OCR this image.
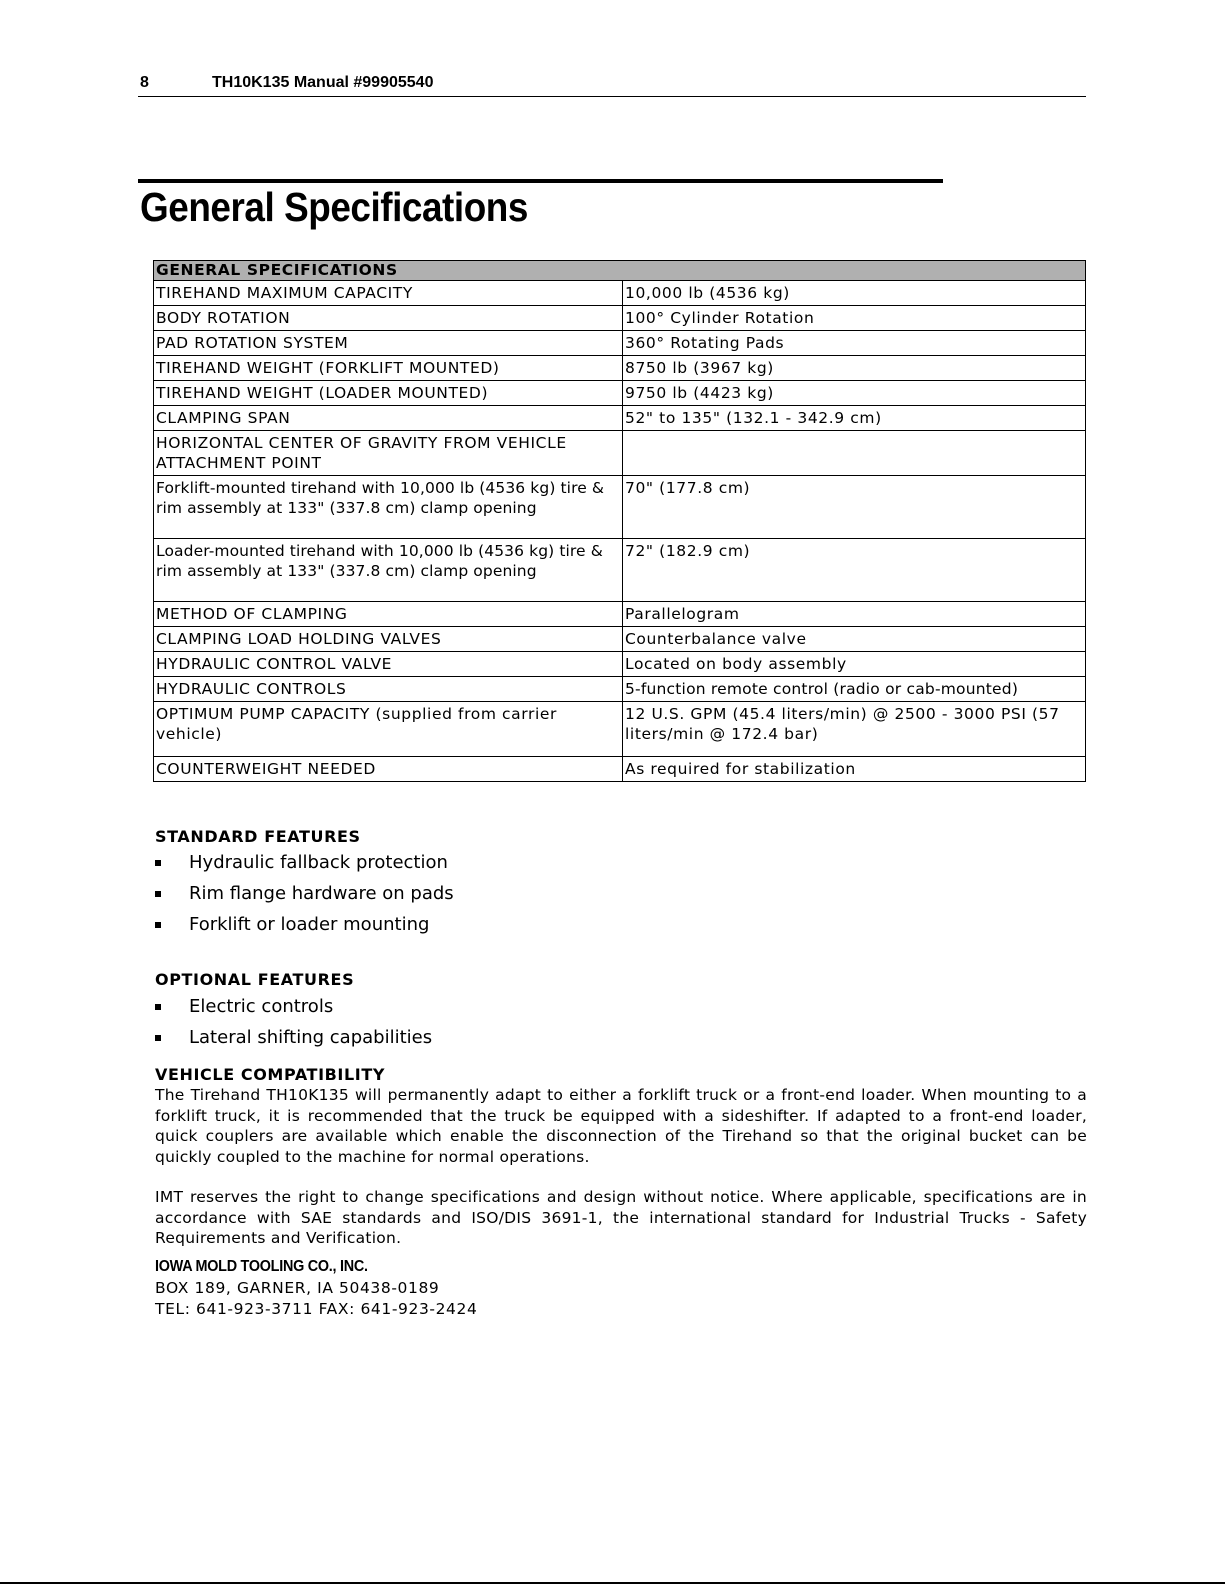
8	TH10K135 Manual #99905540
General Specifications
GENERAL SPECIFICATIONS	
TIREHAND MAXIMUM CAPACITY	10,000 lb (4536 kg)
BODY ROTATION	100° Cylinder Rotation
PAD ROTATION SYSTEM	360° Rotating Pads
TIREHAND WEIGHT (FORKLIFT MOUNTED)	8750 lb (3967 kg)
TIREHAND WEIGHT (LOADER MOUNTED)	9750 lb (4423 kg)
CLAMPING SPAN	52" to 135" (132.1 - 342.9 cm)
HORIZONTAL CENTER OF GRAVITY FROM VEHICLE ATTACHMENT POINT	
Forklift-mounted tirehand with 10,000 lb (4536 kg) tire & rim assembly at 133" (337.8 cm) clamp opening	70" (177.8 cm)
Loader-mounted tirehand with 10,000 lb (4536 kg) tire & rim assembly at 133" (337.8 cm) clamp opening	72" (182.9 cm)
METHOD OF CLAMPING	Parallelogram
CLAMPING LOAD HOLDING VALVES	Counterbalance valve
HYDRAULIC CONTROL VALVE	Located on body assembly
HYDRAULIC CONTROLS	5-function remote control (radio or cab-mounted)
OPTIMUM PUMP CAPACITY (supplied from carrier vehicle)	12 U.S. GPM (45.4 liters/min) @ 2500 - 3000 PSI (57 liters/min @ 172.4 bar)
COUNTERWEIGHT NEEDED	As required for stabilization
STANDARD FEATURES
Hydraulic fallback protection
Rim flange hardware on pads
Forklift or loader mounting
OPTIONAL FEATURES
Electric controls
Lateral shifting capabilities
VEHICLE COMPATIBILITY

The Tirehand TH10K135 will permanently adapt to either a forklift truck or a front-end loader. When mounting to a forklift truck, it is recommended that the truck be equipped with a sideshifter. If adapted to a front-end loader, quick couplers are available which enable the disconnection of the Tirehand so that the original bucket can be quickly coupled to the machine for normal operations.

IMT reserves the right to change specifications and design without notice. Where applicable, specifications are in accordance with SAE standards and ISO/DIS 3691-1, the international standard for Industrial Trucks - Safety Requirements and Verification.

IOWA MOLD TOOLING CO., INC.
BOX 189, GARNER, IA 50438-0189
TEL: 641-923-3711 FAX: 641-923-2424
